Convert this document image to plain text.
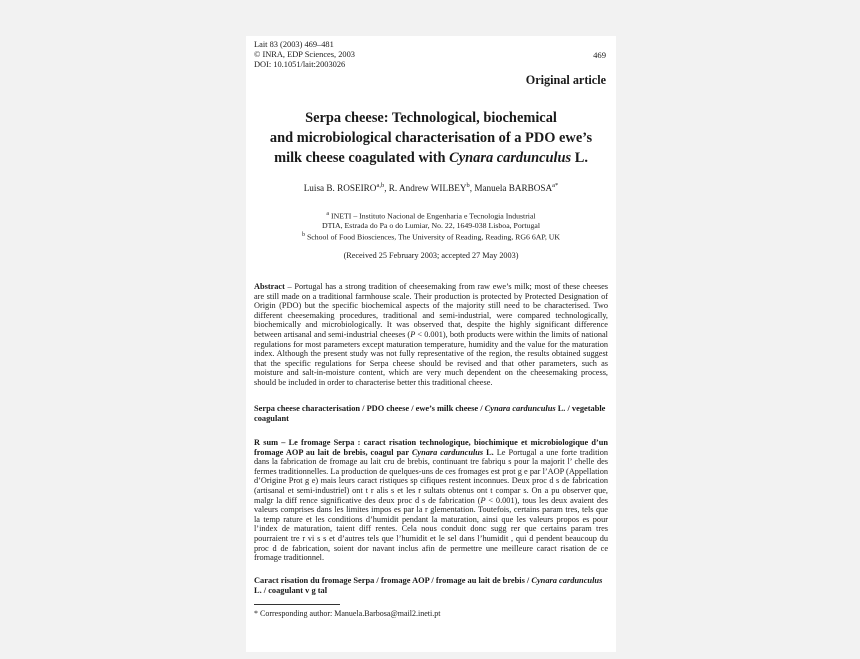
Lait 83 (2003) 469–481
© INRA, EDP Sciences, 2003
DOI: 10.1051/lait:2003026
469
Original article
Serpa cheese: Technological, biochemical
and microbiological characterisation of a PDO ewe’s
milk cheese coagulated with Cynara cardunculus L.
Luisa B. ROSEIRO$^{a,b}$, R. Andrew WILBEY$^b$, Manuela $BARBOSA^{a*}$
$^a$ INETI – Instituto Nacional de Engenharia e Tecnologia Industrial
DTIA, Estrada do Pa o do Lumiar, No. 22, 1649-038 Lisboa, Portugal
$^b$ School of Food Biosciences, The University of Reading, Reading, RG6 6AP, UK
(Received 25 February 2003; accepted 27 May 2003)
Abstract – Portugal has a strong tradition of cheesemaking from raw ewe’s milk; most of these cheeses are still made on a traditional farmhouse scale. Their production is protected by Protected Designation of Origin (PDO) but the specific biochemical aspects of the majority still need to be characterised. Two different cheesemaking procedures, traditional and semi-industrial, were compared technologically, biochemically and microbiologically. It was observed that, despite the highly significant difference between artisanal and semi-industrial cheeses (P < 0.001), both products were within the limits of national regulations for most parameters except maturation temperature, humidity and the value for the maturation index. Although the present study was not fully representative of the region, the results obtained suggest that the specific regulations for Serpa cheese should be revised and that other parameters, such as moisture and salt-in-moisture content, which are very much dependent on the cheesemaking process, should be included in order to characterise better this traditional cheese.
Serpa cheese characterisation / PDO cheese / ewe’s milk cheese / Cynara cardunculus L. / vegetable coagulant
R sum – Le fromage Serpa : caract risation technologique, biochimique et microbiologique d’un fromage AOP au lait de brebis, coagul par Cynara cardunculus L. Le Portugal a une forte tradition dans la fabrication de fromage au lait cru de brebis, continuant tre fabriqu s pour la majorit l’ chelle des fermes traditionnelles. La production de quelques-uns de ces fromages est prot g e par l’AOP (Appellation d’Origine Prot g e) mais leurs caract ristiques sp cifiques restent inconnues. Deux proc d s de fabrication (artisanal et semi-industriel) ont t r alis s et les r sultats obtenus ont t compar s. On a pu observer que, malgr la diff rence significative des deux proc d s de fabrication (P < 0.001), tous les deux avaient des valeurs comprises dans les limites impos es par la r glementation. Toutefois, certains param tres, tels que la temp rature et les conditions d’humidit pendant la maturation, ainsi que les valeurs propos es pour l’index de maturation, taient diff rentes. Cela nous conduit donc sugg rer que certains param tres pourraient tre r vi s s et d’autres tels que l’humidit et le sel dans l’humidit , qui d pendent beaucoup du proc d de fabrication, soient dor navant inclus afin de permettre une meilleure caract risation de ce fromage traditionnel.
Caract risation du fromage Serpa / fromage AOP / fromage au lait de brebis / Cynara cardunculus L. / coagulant v g tal
* Corresponding author: Manuela.Barbosa@mail2.ineti.pt
